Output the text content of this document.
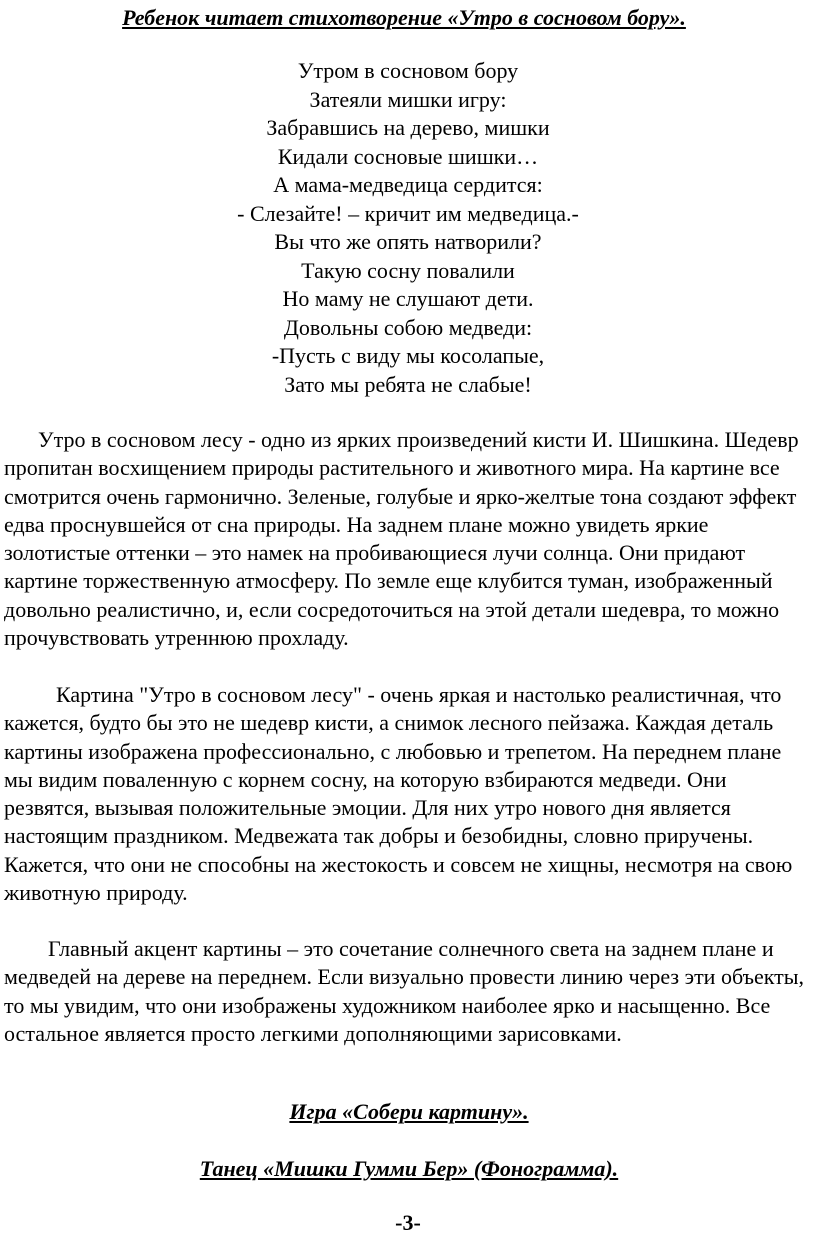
Ребенок читает стихотворение «Утро в сосновом бору».
Утром в сосновом бору
Затеяли мишки игру:
Забравшись на дерево, мишки
Кидали сосновые шишки…
А мама-медведица сердится:
- Слезайте! – кричит им медведица.-
Вы что же опять натворили?
Такую сосну повалили
Но маму не слушают дети.
Довольны собою медведи:
-Пусть с виду мы косолапые,
Зато мы ребята не слабые!

Утро в сосновом лесу - одно из ярких произведений кисти И. Шишкина. Шедевр пропитан восхищением природы растительного и животного мира. На картине все смотрится очень гармонично. Зеленые, голубые и ярко-желтые тона создают эффект едва проснувшейся от сна природы. На заднем плане можно увидеть яркие золотистые оттенки – это намек на пробивающиеся лучи солнца. Они придают картине торжественную атмосферу. По земле еще клубится туман, изображенный довольно реалистично, и, если сосредоточиться на этой детали шедевра, то можно прочувствовать утреннюю прохладу.

Картина "Утро в сосновом лесу" - очень яркая и настолько реалистичная, что кажется, будто бы это не шедевр кисти, а снимок лесного пейзажа. Каждая деталь картины изображена профессионально, с любовью и трепетом. На переднем плане мы видим поваленную с корнем сосну, на которую взбираются медведи. Они резвятся, вызывая положительные эмоции. Для них утро нового дня является настоящим праздником. Медвежата так добры и безобидны, словно приручены. Кажется, что они не способны на жестокость и совсем не хищны, несмотря на свою животную природу.

Главный акцент картины – это сочетание солнечного света на заднем плане и медведей на дереве на переднем. Если визуально провести линию через эти объекты, то мы увидим, что они изображены художником наиболее ярко и насыщенно. Все остальное является просто легкими дополняющими зарисовками.

Игра «Собери картину».
Танец «Мишки Гумми Бер» (Фонограмма).
-3-
